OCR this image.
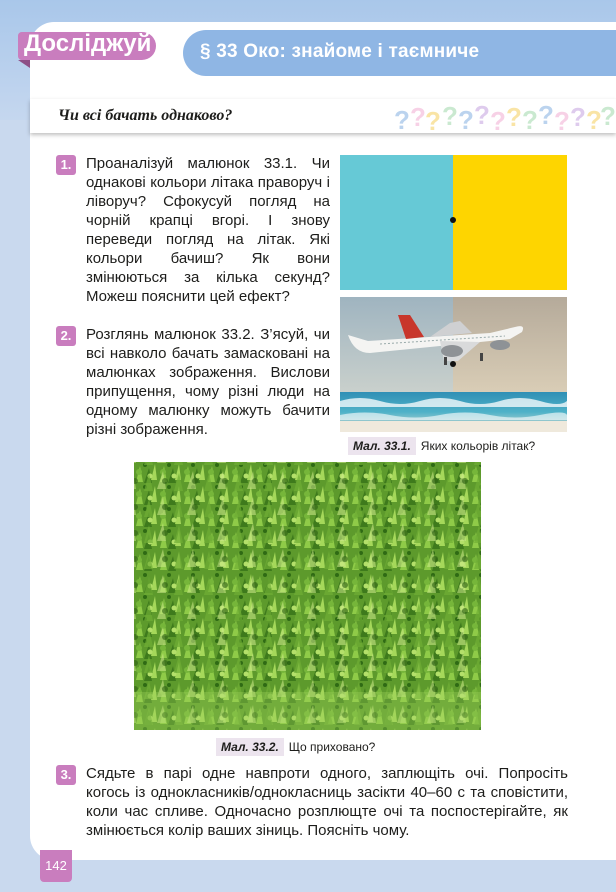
§ 33 Око: знайоме і таємниче
Досліджуй
Чи всі бачать однаково?	? ? ? ? ? ? ? ? ? ? ? ? ?
?
1. Проаналізуй малюнок 33.1. Чи однакові кольори літака праворуч і ліворуч? Сфокусуй погляд на чорній крапці вгорі. І знову переведи погляд на літак. Які кольори бачиш? Як вони змінюються за кілька секунд? Можеш пояснити цей ефект?

2. Розглянь малюнок 33.2. З’ясуй, чи всі навколо бачать замасковані на малюнках зображення. Вислови припущення, чому різні люди на одному малюнку можуть бачити різні зображення.

Мал. 33.1. Яких кольорів літак?
Мал. 33.2. Що приховано?
3. Сядьте в парі одне навпроти одного, заплющіть очі. Попросіть когось із однокласників/однокласниць засікти 40–60 с та сповістити, коли час спливе. Одночасно розплющте очі та поспостерігайте, як змінюється колір ваших зіниць. Поясніть чому.

142
